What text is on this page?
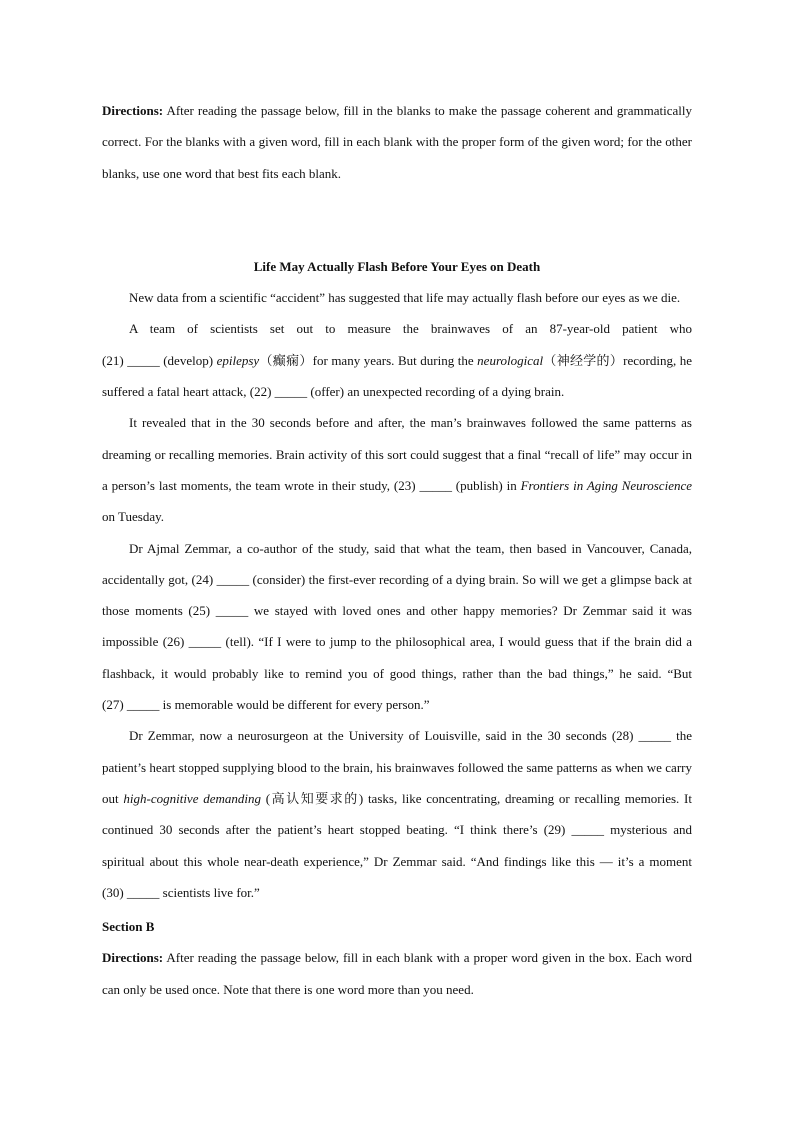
Directions: After reading the passage below, fill in the blanks to make the passage coherent and grammatically correct. For the blanks with a given word, fill in each blank with the proper form of the given word; for the other blanks, use one word that best fits each blank.

Life May Actually Flash Before Your Eyes on Death

New data from a scientific “accident” has suggested that life may actually flash before our eyes as we die.

A team of scientists set out to measure the brainwaves of an 87-year-old patient who (21) _____ (develop) epilepsy（癫痫）for many years. But during the neurological（神经学的）recording, he suffered a fatal heart attack, (22) _____ (offer) an unexpected recording of a dying brain.

It revealed that in the 30 seconds before and after, the man’s brainwaves followed the same patterns as dreaming or recalling memories. Brain activity of this sort could suggest that a final “recall of life” may occur in a person’s last moments, the team wrote in their study, (23) _____ (publish) in Frontiers in Aging Neuroscience on Tuesday.

Dr Ajmal Zemmar, a co-author of the study, said that what the team, then based in Vancouver, Canada, accidentally got, (24) _____ (consider) the first-ever recording of a dying brain. So will we get a glimpse back at those moments (25) _____ we stayed with loved ones and other happy memories? Dr Zemmar said it was impossible (26) _____ (tell). “If I were to jump to the philosophical area, I would guess that if the brain did a flashback, it would probably like to remind you of good things, rather than the bad things,” he said. “But (27) _____ is memorable would be different for every person.”

Dr Zemmar, now a neurosurgeon at the University of Louisville, said in the 30 seconds (28) _____ the patient’s heart stopped supplying blood to the brain, his brainwaves followed the same patterns as when we carry out high-cognitive demanding (高认知要求的) tasks, like concentrating, dreaming or recalling memories. It continued 30 seconds after the patient’s heart stopped beating. “I think there’s (29) _____ mysterious and spiritual about this whole near-death experience,” Dr Zemmar said. “And findings like this — it’s a moment (30) _____ scientists live for.”

Section B

Directions: After reading the passage below, fill in each blank with a proper word given in the box. Each word can only be used once. Note that there is one word more than you need.
